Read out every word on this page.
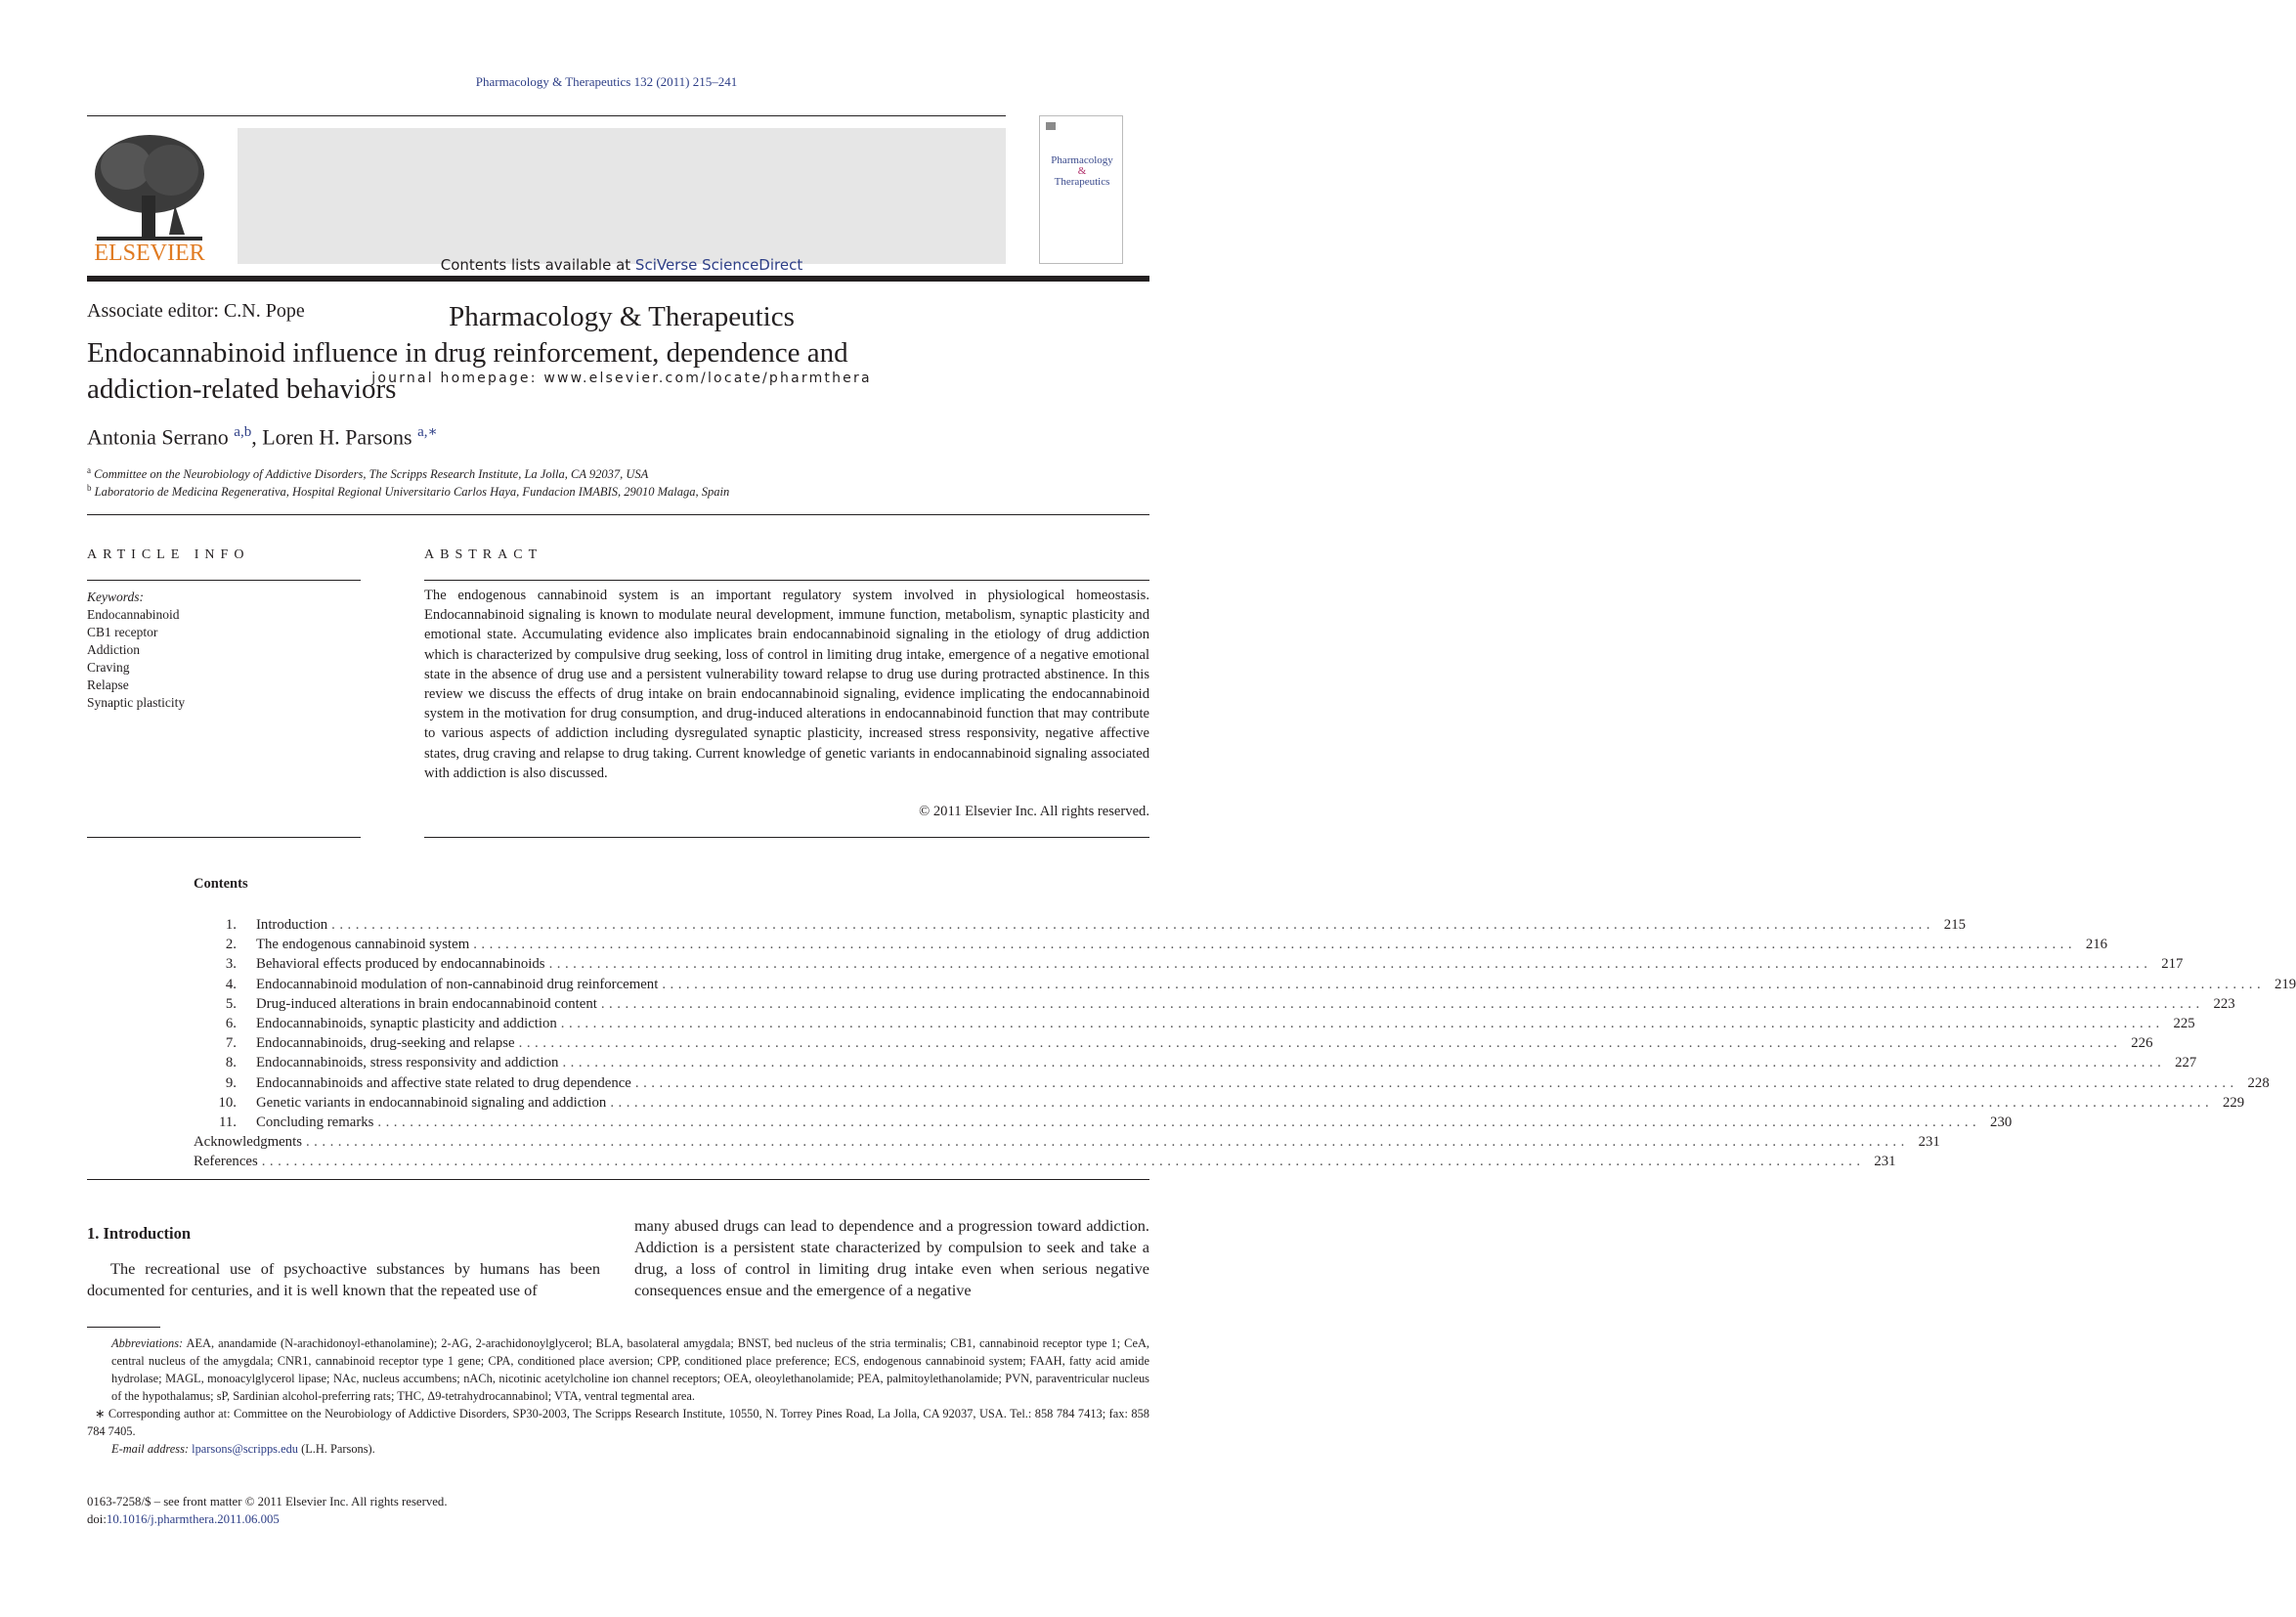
Pharmacology & Therapeutics 132 (2011) 215–241
ELSEVIER	Contents lists available at SciVerse ScienceDirect
Pharmacology & Therapeutics
journal homepage: www.elsevier.com/locate/pharmthera
Pharmacology
&
Therapeutics
Associate editor: C.N. Pope
Endocannabinoid influence in drug reinforcement, dependence and addiction-related behaviors
Antonia Serrano $^{a,b}$, Loren H. Parsons $^{a,∗}$
$^a$ Committee on the Neurobiology of Addictive Disorders, The Scripps Research Institute, La Jolla, CA 92037, USA
$^b$ Laboratorio de Medicina Regenerativa, Hospital Regional Universitario Carlos Haya, Fundacion IMABIS, 29010 Malaga, Spain
ARTICLE INFO	ABSTRACT
Keywords:
Endocannabinoid
CB1 receptor
Addiction
Craving
Relapse
Synaptic plasticity
The endogenous cannabinoid system is an important regulatory system involved in physiological homeostasis. Endocannabinoid signaling is known to modulate neural development, immune function, metabolism, synaptic plasticity and emotional state. Accumulating evidence also implicates brain endocannabinoid signaling in the etiology of drug addiction which is characterized by compulsive drug seeking, loss of control in limiting drug intake, emergence of a negative emotional state in the absence of drug use and a persistent vulnerability toward relapse to drug use during protracted abstinence. In this review we discuss the effects of drug intake on brain endocannabinoid signaling, evidence implicating the endocannabinoid system in the motivation for drug consumption, and drug-induced alterations in endocannabinoid function that may contribute to various aspects of addiction including dysregulated synaptic plasticity, increased stress responsivity, negative affective states, drug craving and relapse to drug taking. Current knowledge of genetic variants in endocannabinoid signaling associated with addiction is also discussed.
© 2011 Elsevier Inc. All rights reserved.
Contents
1.	Introduction ........................................................................................................................................................................................................ 215
2.	The endogenous cannabinoid system ........................................................................................................................................................................................................ 216
3.	Behavioral effects produced by endocannabinoids ........................................................................................................................................................................................................ 217
4.	Endocannabinoid modulation of non-cannabinoid drug reinforcement ........................................................................................................................................................................................................ 219
5.	Drug-induced alterations in brain endocannabinoid content ........................................................................................................................................................................................................ 223
6.	Endocannabinoids, synaptic plasticity and addiction ........................................................................................................................................................................................................ 225
7.	Endocannabinoids, drug-seeking and relapse ........................................................................................................................................................................................................ 226
8.	Endocannabinoids, stress responsivity and addiction ........................................................................................................................................................................................................ 227
9.	Endocannabinoids and affective state related to drug dependence ........................................................................................................................................................................................................ 228
10.	Genetic variants in endocannabinoid signaling and addiction ........................................................................................................................................................................................................ 229
11.	Concluding remarks ........................................................................................................................................................................................................ 230
Acknowledgments ........................................................................................................................................................................................................ 231
References ........................................................................................................................................................................................................ 231
1. Introduction
The recreational use of psychoactive substances by humans has been documented for centuries, and it is well known that the repeated use of
many abused drugs can lead to dependence and a progression toward addiction. Addiction is a persistent state characterized by compulsion to seek and take a drug, a loss of control in limiting drug intake even when serious negative consequences ensue and the emergence of a negative
Abbreviations: AEA, anandamide (N-arachidonoyl-ethanolamine); 2-AG, 2-arachidonoylglycerol; BLA, basolateral amygdala; BNST, bed nucleus of the stria terminalis; CB1, cannabinoid receptor type 1; CeA, central nucleus of the amygdala; CNR1, cannabinoid receptor type 1 gene; CPA, conditioned place aversion; CPP, conditioned place preference; ECS, endogenous cannabinoid system; FAAH, fatty acid amide hydrolase; MAGL, monoacylglycerol lipase; NAc, nucleus accumbens; nACh, nicotinic acetylcholine ion channel receptors; OEA, oleoylethanolamide; PEA, palmitoylethanolamide; PVN, paraventricular nucleus of the hypothalamus; sP, Sardinian alcohol-preferring rats; THC, Δ9-tetrahydrocannabinol; VTA, ventral tegmental area.
∗ Corresponding author at: Committee on the Neurobiology of Addictive Disorders, SP30-2003, The Scripps Research Institute, 10550, N. Torrey Pines Road, La Jolla, CA 92037, USA. Tel.: 858 784 7413; fax: 858 784 7405.
E-mail address: lparsons@scripps.edu (L.H. Parsons).
0163-7258/$ – see front matter © 2011 Elsevier Inc. All rights reserved.
doi:10.1016/j.pharmthera.2011.06.005
